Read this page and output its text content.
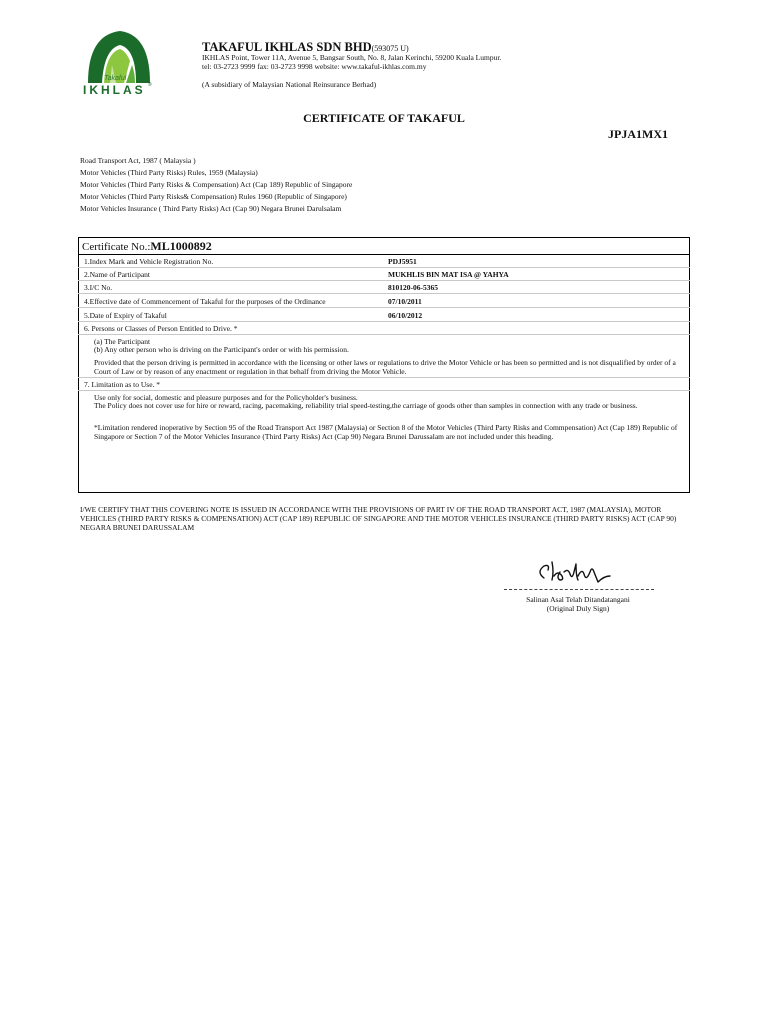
Takaful
IKHLAS ®
TAKAFUL IKHLAS SDN BHD(593075 U)
IKHLAS Point, Tower 11A, Avenue 5, Bangsar South, No. 8, Jalan Kerinchi, 59200 Kuala Lumpur.
tel: 03-2723 9999 fax: 03-2723 9998 website: www.takaful-ikhlas.com.my
(A subsidiary of Malaysian National Reinsurance Berhad)
CERTIFICATE OF TAKAFUL
JPJA1MX1
Road Transport Act, 1987 ( Malaysia )
Motor Vehicles (Third Party Risks) Rules, 1959 (Malaysia)
Motor Vehicles (Third Party Risks & Compensation) Act (Cap 189) Republic of Singapore
Motor Vehicles (Third Party Risks& Compensation) Rules 1960 (Republic of Singapore)
Motor Vehicles Insurance ( Third Party Risks) Act (Cap 90) Negara Brunei Darulsalam
Certificate No.:ML1000892
1.Index Mark and Vehicle Registration No.	PDJ5951
2.Name of Participant	MUKHLIS BIN MAT ISA @ YAHYA
3.I/C No.	810120-06-5365
4.Effective date of Commencement of Takaful for the purposes of the Ordinance	07/10/2011
5.Date of Expiry of Takaful	06/10/2012
6. Persons or Classes of Person Entitled to Drive. *
(a) The Participant
(b) Any other person who is driving on the Participant's order or with his permission.
Provided that the person driving is permitted in accordance with the licensing or other laws or regulations to drive the Motor Vehicle or has been so permitted and is not disqualified by order of a Court of Law or by reason of any enactment or regulation in that behalf from driving the Motor Vehicle.
7. Limitation as to Use. *
Use only for social, domestic and pleasure purposes and for the Policyholder's business.
The Policy does not cover use for hire or reward, racing, pacemaking, reliability trial speed-testing,the carriage of goods other than samples in connection with any trade or business.
*Limitation rendered inoperative by Section 95 of the Road Transport Act 1987 (Malaysia) or Section 8 of the Motor Vehicles (Third Party Risks and Commpensation) Act (Cap 189) Republic of Singapore or Section 7 of the Motor Vehicles Insurance (Third Party Risks) Act (Cap 90) Negara Brunei Darussalam are not included under this heading.
I/WE CERTIFY THAT THIS COVERING NOTE IS ISSUED IN ACCORDANCE WITH THE PROVISIONS OF PART IV OF THE ROAD TRANSPORT ACT, 1987 (MALAYSIA), MOTOR VEHICLES (THIRD PARTY RISKS & COMPENSATION) ACT (CAP 189) REPUBLIC OF SINGAPORE AND THE MOTOR VEHICLES INSURANCE (THIRD PARTY RISKS) ACT (CAP 90) NEGARA BRUNEI DARUSSALAM
Salinan Asal Telah Ditandatangani
(Original Duly Sign)
